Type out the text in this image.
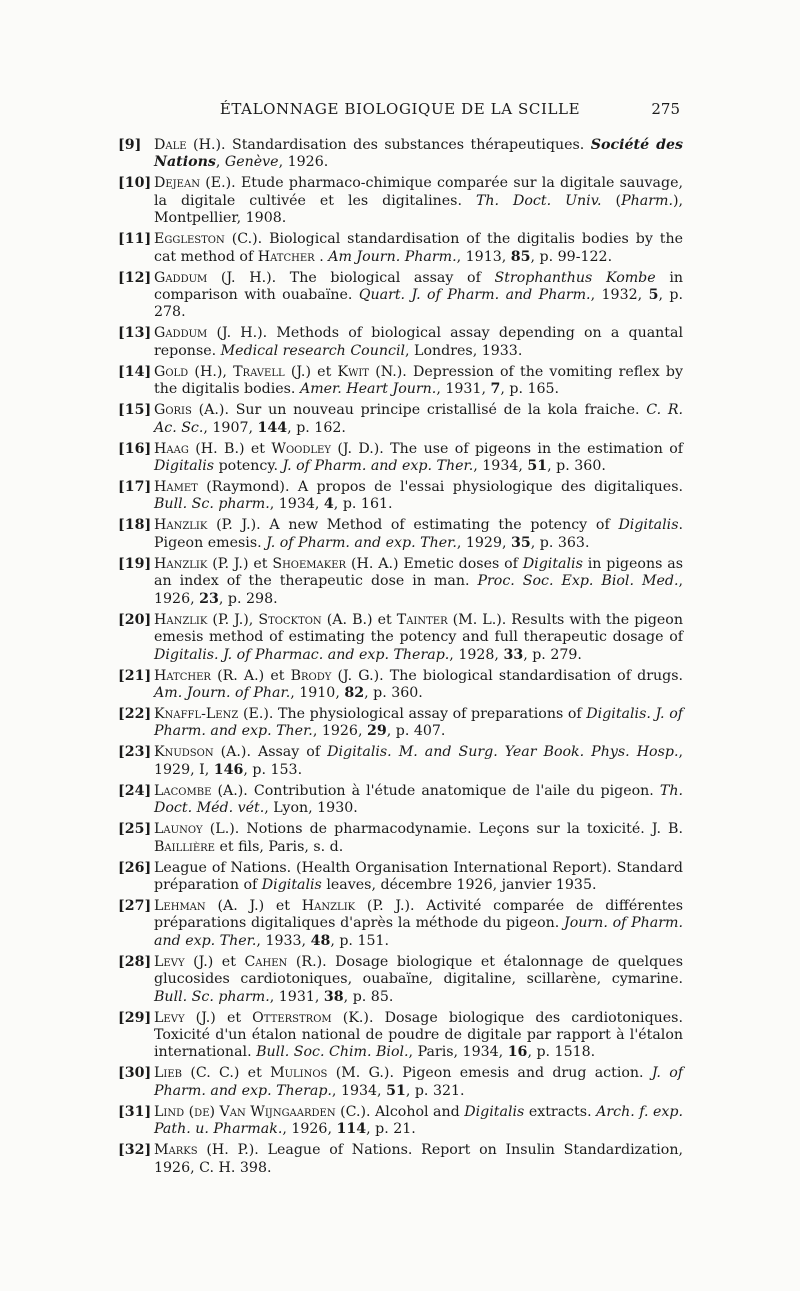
ÉTALONNAGE BIOLOGIQUE DE LA SCILLE	275
[9] Dale (H.). Standardisation des substances thérapeutiques. Société des Nations, Genève, 1926.
[10] Dejean (E.). Etude pharmaco-chimique comparée sur la digitale sauvage, la digitale cultivée et les digitalines. Th. Doct. Univ. (Pharm.), Montpellier, 1908.
[11] Eggleston (C.). Biological standardisation of the digitalis bodies by the cat method of Hatcher . Am Journ. Pharm., 1913, 85, p. 99-122.
[12] Gaddum (J. H.). The biological assay of Strophanthus Kombe in comparison with ouabaïne. Quart. J. of Pharm. and Pharm., 1932, 5, p. 278.
[13] Gaddum (J. H.). Methods of biological assay depending on a quantal reponse. Medical research Council, Londres, 1933.
[14] Gold (H.), Travell (J.) et Kwit (N.). Depression of the vomiting reflex by the digitalis bodies. Amer. Heart Journ., 1931, 7, p. 165.
[15] Goris (A.). Sur un nouveau principe cristallisé de la kola fraiche. C. R. Ac. Sc., 1907, 144, p. 162.
[16] Haag (H. B.) et Woodley (J. D.). The use of pigeons in the estimation of Digitalis potency. J. of Pharm. and exp. Ther., 1934, 51, p. 360.
[17] Hamet (Raymond). A propos de l'essai physiologique des digitaliques. Bull. Sc. pharm., 1934, 4, p. 161.
[18] Hanzlik (P. J.). A new Method of estimating the potency of Digitalis. Pigeon emesis. J. of Pharm. and exp. Ther., 1929, 35, p. 363.
[19] Hanzlik (P. J.) et Shoemaker (H. A.) Emetic doses of Digitalis in pigeons as an index of the therapeutic dose in man. Proc. Soc. Exp. Biol. Med., 1926, 23, p. 298.
[20] Hanzlik (P. J.), Stockton (A. B.) et Tainter (M. L.). Results with the pigeon emesis method of estimating the potency and full therapeutic dosage of Digitalis. J. of Pharmac. and exp. Therap., 1928, 33, p. 279.
[21] Hatcher (R. A.) et Brody (J. G.). The biological standardisation of drugs. Am. Journ. of Phar., 1910, 82, p. 360.
[22] Knaffl-Lenz (E.). The physiological assay of preparations of Digitalis. J. of Pharm. and exp. Ther., 1926, 29, p. 407.
[23] Knudson (A.). Assay of Digitalis. M. and Surg. Year Book. Phys. Hosp., 1929, I, 146, p. 153.
[24] Lacombe (A.). Contribution à l'étude anatomique de l'aile du pigeon. Th. Doct. Méd. vét., Lyon, 1930.
[25] Launoy (L.). Notions de pharmacodynamie. Leçons sur la toxicité. J. B. Baillière et fils, Paris, s. d.
[26] League of Nations. (Health Organisation International Report). Standard préparation of Digitalis leaves, décembre 1926, janvier 1935.
[27] Lehman (A. J.) et Hanzlik (P. J.). Activité comparée de différentes préparations digitaliques d'après la méthode du pigeon. Journ. of Pharm. and exp. Ther., 1933, 48, p. 151.
[28] Levy (J.) et Cahen (R.). Dosage biologique et étalonnage de quelques glucosides cardiotoniques, ouabaïne, digitaline, scillarène, cymarine. Bull. Sc. pharm., 1931, 38, p. 85.
[29] Levy (J.) et Otterstrom (K.). Dosage biologique des cardiotoniques. Toxicité d'un étalon national de poudre de digitale par rapport à l'étalon international. Bull. Soc. Chim. Biol., Paris, 1934, 16, p. 1518.
[30] Lieb (C. C.) et Mulinos (M. G.). Pigeon emesis and drug action. J. of Pharm. and exp. Therap., 1934, 51, p. 321.
[31] Lind (de) Van Wijngaarden (C.). Alcohol and Digitalis extracts. Arch. f. exp. Path. u. Pharmak., 1926, 114, p. 21.
[32] Marks (H. P.). League of Nations. Report on Insulin Standardization, 1926, C. H. 398.
